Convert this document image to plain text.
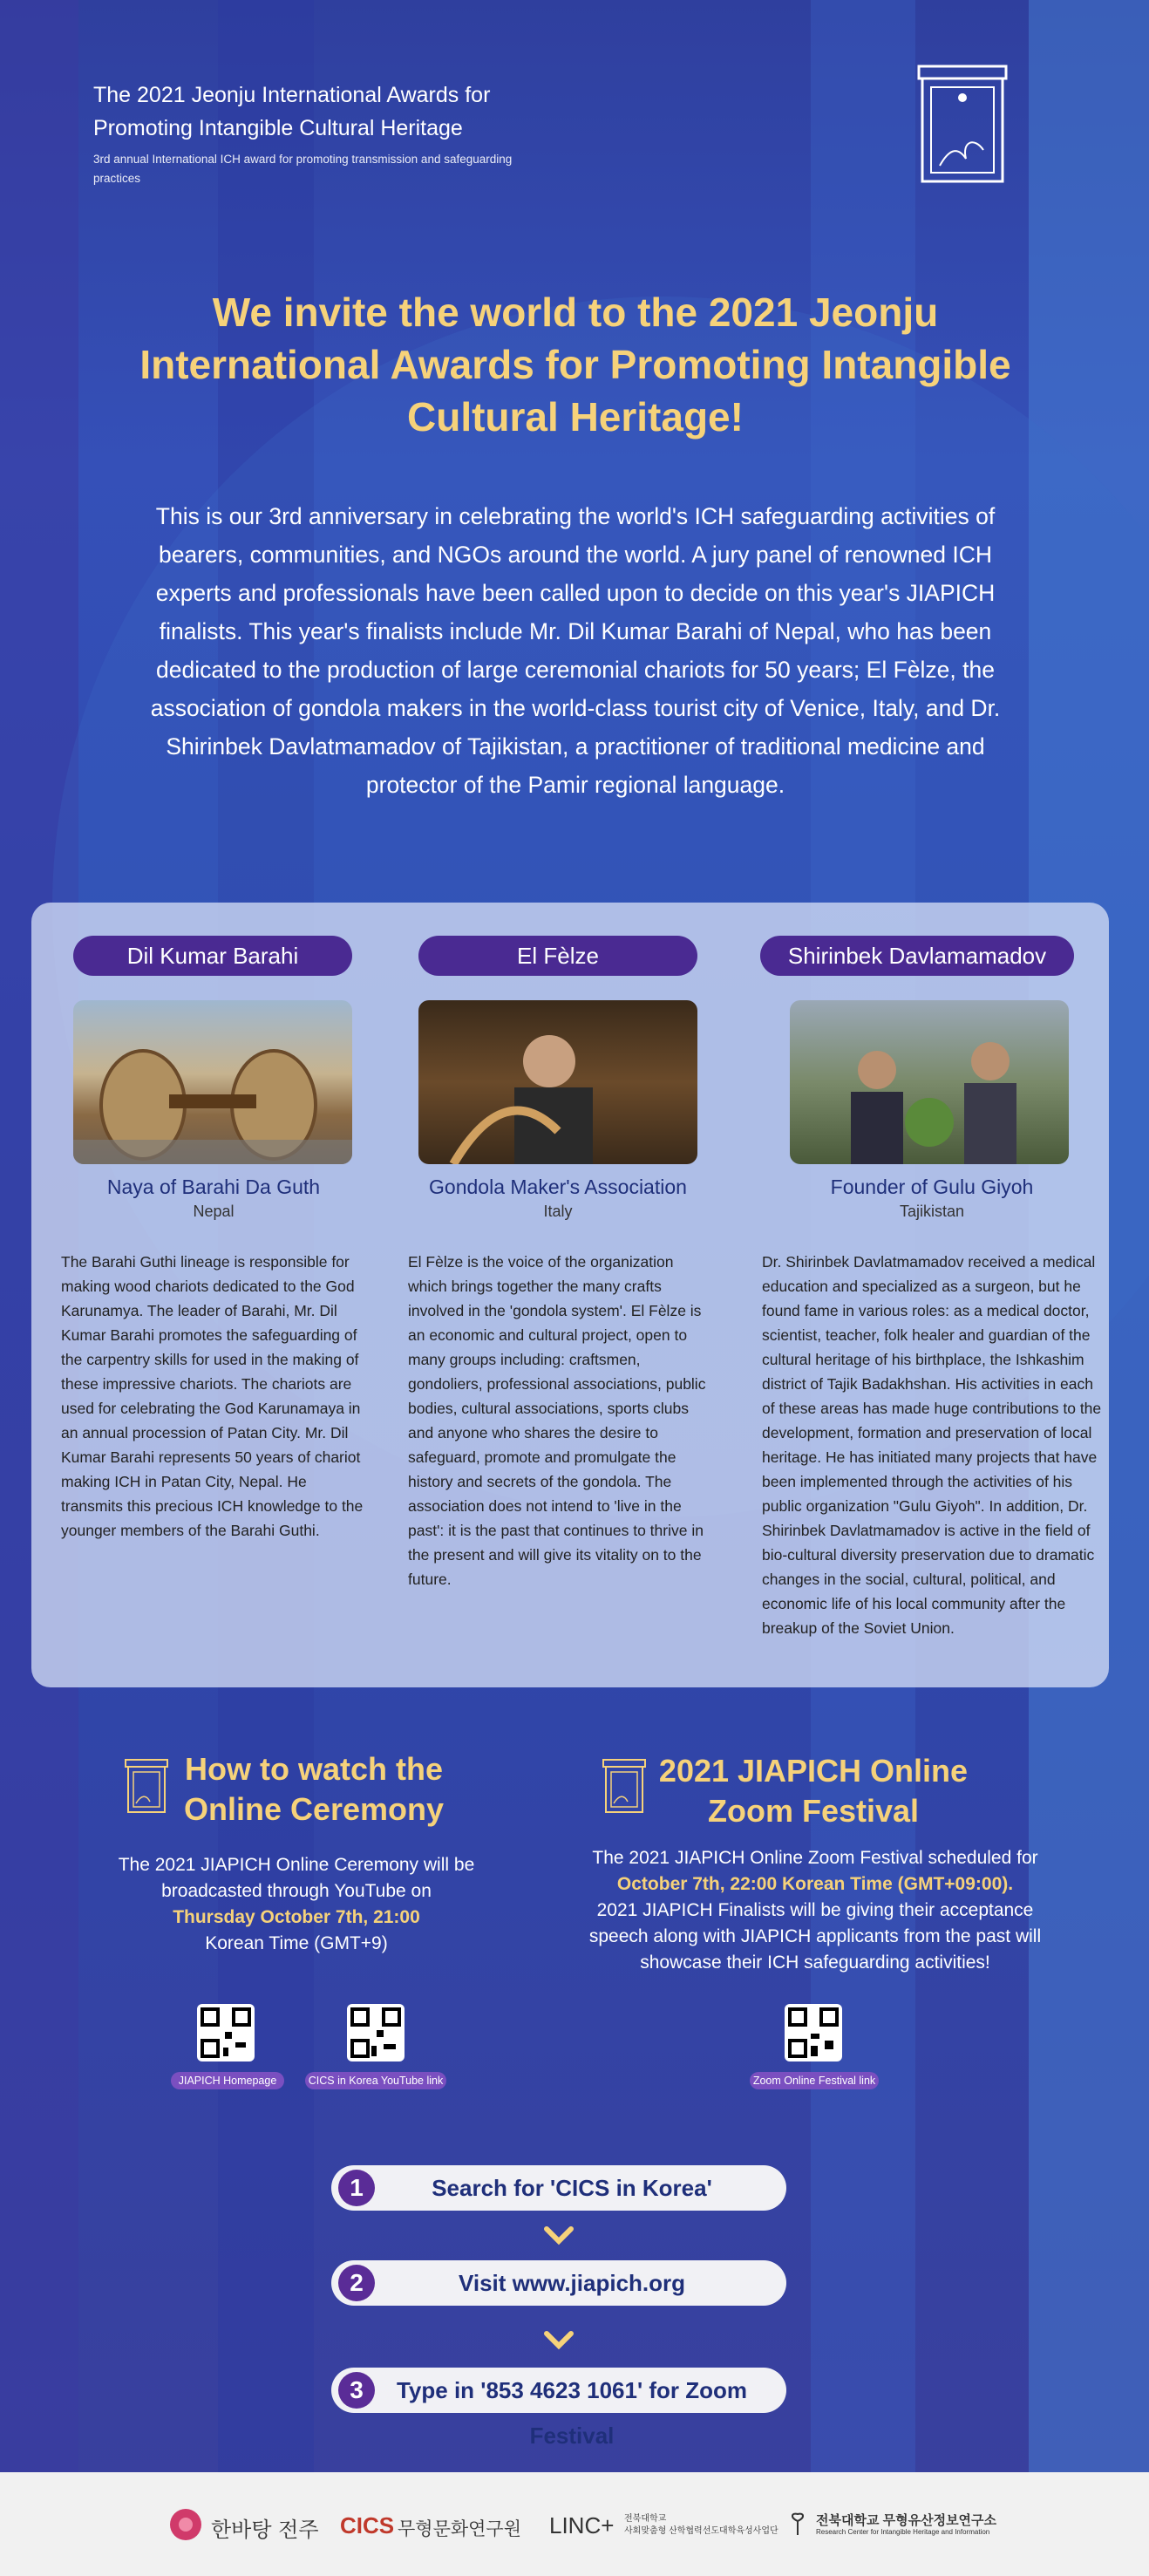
The 2021 Jeonju International Awards for Promoting Intangible Cultural Heritage
3rd annual International ICH award for promoting transmission and safeguarding practices
We invite the world to the 2021 Jeonju International Awards for Promoting Intangible Cultural Heritage!
This is our 3rd anniversary in celebrating the world's ICH safeguarding activities of bearers, communities, and NGOs around the world. A jury panel of renowned ICH experts and professionals have been called upon to decide on this year's JIAPICH finalists. This year's finalists include Mr. Dil Kumar Barahi of Nepal, who has been dedicated to the production of large ceremonial chariots for 50 years; El Fèlze, the association of gondola makers in the world-class tourist city of Venice, Italy, and Dr. Shirinbek Davlatmamadov of Tajikistan, a practitioner of traditional medicine and protector of the Pamir regional language.
Dil Kumar Barahi
Naya of Barahi Da Guth
Nepal
The Barahi Guthi lineage is responsible for making wood chariots dedicated to the God Karunamya. The leader of Barahi, Mr. Dil Kumar Barahi promotes the safeguarding of the carpentry skills for used in the making of these impressive chariots. The chariots are used for celebrating the God Karunamaya in an annual procession of Patan City. Mr. Dil Kumar Barahi represents 50 years of chariot making ICH in Patan City, Nepal. He transmits this precious ICH knowledge to the younger members of the Barahi Guthi.
El Fèlze
Gondola Maker's Association
Italy
El Fèlze is the voice of the organization which brings together the many crafts involved in the 'gondola system'. El Fèlze is an economic and cultural project, open to many groups including: craftsmen, gondoliers, professional associations, public bodies, cultural associations, sports clubs and anyone who shares the desire to safeguard, promote and promulgate the history and secrets of the gondola. The association does not intend to 'live in the past': it is the past that continues to thrive in the present and will give its vitality on to the future.
Shirinbek Davlamamadov
Founder of Gulu Giyoh
Tajikistan
Dr. Shirinbek Davlatmamadov received a medical education and specialized as a surgeon, but he found fame in various roles: as a medical doctor, scientist, teacher, folk healer and guardian of the cultural heritage of his birthplace, the Ishkashim district of Tajik Badakhshan. His activities in each of these areas has made huge contributions to the development, formation and preservation of local heritage. He has initiated many projects that have been implemented through the activities of his public organization "Gulu Giyoh". In addition, Dr. Shirinbek Davlatmamadov is active in the field of bio-cultural diversity preservation due to dramatic changes in the social, cultural, political, and economic life of his local community after the breakup of the Soviet Union.
How to watch the
Online Ceremony
The 2021 JIAPICH Online Ceremony will be broadcasted through YouTube on
Thursday October 7th, 21:00
Korean Time (GMT+9)
JIAPICH Homepage	CICS in Korea YouTube link
2021 JIAPICH Online
Zoom Festival
The 2021 JIAPICH Online Zoom Festival scheduled for
October 7th, 22:00 Korean Time (GMT+09:00).
2021 JIAPICH Finalists will be giving their acceptance speech along with JIAPICH applicants from the past will showcase their ICH safeguarding activities!
Zoom Online Festival link
1	Search for 'CICS in Korea'
2	Visit www.jiapich.org
3	Type in '853 4623 1061' for Zoom Festival
한바탕 전주 CICS 무형문화연구원 LINC+ 전북대학교
사회맞춤형 산학협력선도대학육성사업단
전북대학교 무형유산정보연구소
Research Center for Intangible Heritage and Information
